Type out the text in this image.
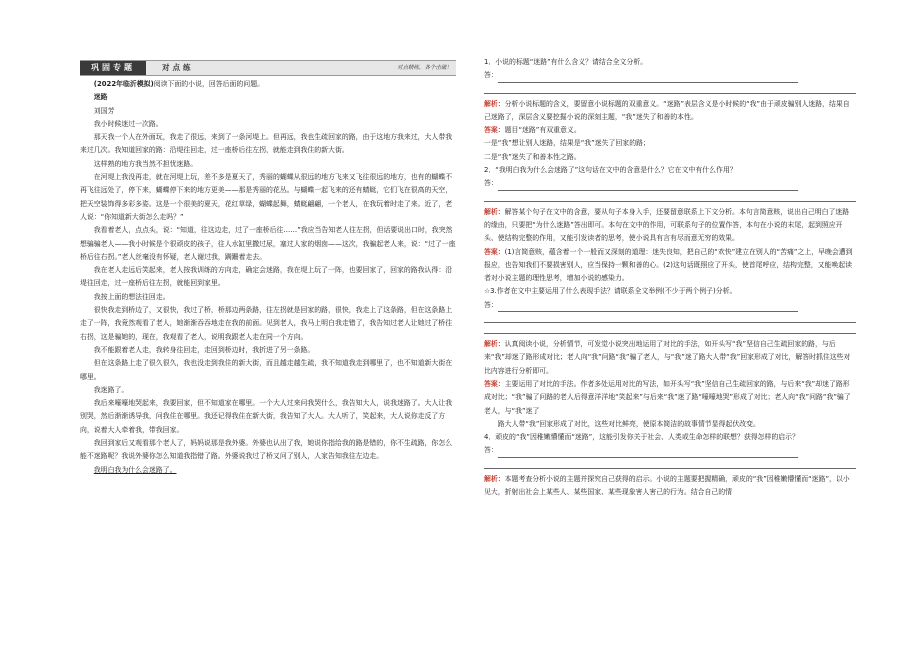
巩固专题	对点练	对点精练，各个击破！

(2022年临沂模拟)阅读下面的小说，回答后面的问题。

迷路

刘国芳

我小时候迷过一次路。

那天我一个人在外面玩，我走了很远，来到了一条河堤上。但再远，我也生疏回家的路，由于这地方我来过，大人带我来过几次。我知道回家的路：沿堤往回走，过一座桥后往左拐，就能走到我住的新大街。

这样熟的地方我当然不担忧迷路。

在河堤上我没再走，就在河堤上玩，差不多是夏天了，秀丽的蝴蝶从很远的地方飞来又飞往很远的地方，也有的蝴蝶不再飞往远处了，停下来，蝴蝶停下来的地方更美——那是秀丽的花丛。与蝴蝶一起飞来的还有蜻蜓，它们飞在很高的天空，把天空装饰得多彩多姿。这是一个很美的夏天，花红草绿，蝴蝶起舞，蜻蜓翩翩，一个老人，在我玩着时走了来。近了，老人说：“你知道新大街怎么走吗？”

我看着老人，点点头，说：“知道，往这边走，过了一座桥后往……”我应当告知老人往左拐，但话要说出口时，我突然想骗骗老人——我小时候是个很顽皮的孩子，往人水缸里撒过尿，塞过人家的烟囱——这次，我骗起老人来，说：“过了一座桥后往右拐。”老人丝毫没有怀疑，老人谢过我，蹒跚着走去。

我在老人走远后笑起来，老人按我训练的方向走，确定会迷路，我在堤上玩了一阵，也要回家了，回家的路我认得：沿堤往回走，过一座桥后往左拐，就能回到家里。

我按上面的想法往回走。

很快我走到桥边了，又很快，我过了桥，桥那边两条路，往左拐就是回家的路，很快，我走上了这条路，但在这条路上走了一阵，我竟然观看了老人，她渐渐吞吞地走在我的前面。见到老人，我马上明白我走错了，我告知过老人让她过了桥往右拐，这是骗她的，现在，我观看了老人，说明我跟老人走在同一个方向。

我不能跟着老人走，我转身往回走，走回到桥边时，我折进了另一条路。

但在这条路上走了很久很久，我也没走到我住的新大街，而且越走越生疏，我不知道我走到哪里了，也不知道新大街在哪里。

我迷路了。

我后来嚎嚎地哭起来，我要回家，但不知道家在哪里。一个大人过来问我哭什么，我告知大人，说我迷路了。大人让我别哭，然后渐渐诱导我，问我住在哪里。我还记得我住在新大街，我告知了大人。大人听了，笑起来，大人说你走反了方向，说着大人牵着我，带我回家。

我回到家后又观看那个老人了，妈妈说那是我外婆。外婆也认出了我，她说你指给我的路是错的，你不生疏路，你怎么能不迷路呢？我说外婆你怎么知道我指错了路。外婆说我过了桥又问了别人，人家告知我往左边走。

我明白我为什么会迷路了。

1．小说的标题“迷路”有什么含义？请结合全文分析。

答：

解析：分析小说标题的含义，要留意小说标题的双重意义。“迷路”表层含义是小时候的“我”由于顽皮骗别人迷路，结果自己迷路了，深层含义要挖掘小说的深刻主题，“我”迷失了和善的本性。

答案：题目“迷路”有双重意义。

一是“我”想让别人迷路，结果是“我”迷失了回家的路；

二是“我”迷失了和善本性之路。

2．“我明白我为什么会迷路了”这句话在文中的含意是什么？它在文中有什么作用？

答：

解析：解答某个句子在文中的含意，要从句子本身入手，还要留意联系上下文分析。本句言简意赅，说出自己明白了迷路的缘由，只要把“为什么迷路”答出即可。本句在文中的作用，可联系句子的位置作答，本句在小说的末尾，起到照应开头、使结构完整的作用，又能引发读者的思考，使小说具有言有尽而意无穷的效果。

答案：(1)言简意赅，蕴含着一个一般而又深刻的道理：迷失良知，把自己的“欢快”建立在别人的“苦痛”之上，早晚会遭到报应，也告知我们不要损害别人，应当保持一颗和善的心。(2)这句话既照应了开头，使首尾呼应，结构完整，又能唤起读者对小说主题的理性思考，增加小说的感染力。

☆3.作者在文中主要运用了什么表现手法？请联系全文举例(不少于两个例子)分析。

答：

解析：认真阅读小说，分析情节，可发觉小说突出地运用了对比的手法，如开头写“我”坚信自己生疏回家的路，与后来“我”却迷了路形成对比；老人向“我”问路“我”骗了老人，与“我”迷了路大人带“我”回家形成了对比，解答时抓住这些对比内容进行分析即可。

答案：主要运用了对比的手法。作者多处运用对比的写法，如开头写“我”坚信自己生疏回家的路，与后来“我”却迷了路形成对比；“我”骗了问路的老人后得意洋洋地“笑起来”与后来“我”迷了路“嚎嚎地哭”形成了对比；老人向“我”问路“我”骗了老人，与“我”迷了

路大人带“我”回家形成了对比，这些对比鲜亮，使原本简洁的故事情节显得起伏改变。

4．顽皮的“我”因稚嫩懵懂而“迷路”，这能引发你关于社会、人类或生命怎样的联想？获得怎样的启示？

答：

解析：本题考查分析小说的主题并探究自己获得的启示。小说的主题要把握精确，顽皮的“我”因稚嫩懵懂而“迷路”，以小见大，折射出社会上某些人、某些国家、某些现象害人害己的行为。结合自己的情
